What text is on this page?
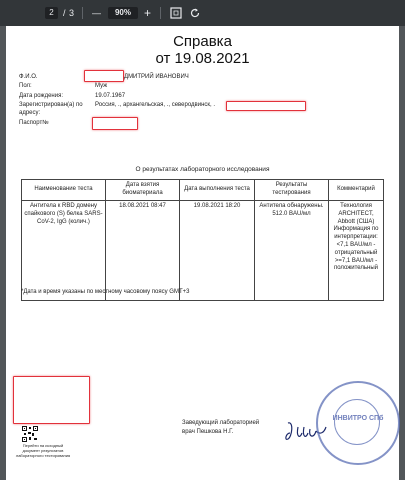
2	/ 3 —	90%	+
Справка
от 19.08.2021
Ф.И.О.	ДМИТРИЙ ИВАНОВИЧ
Пол:	Муж
Дата рождения:	19.07.1967
Зарегистрирован(а) по
адресу:
Россия, ., архангельская, ., северодвинск, .
Паспорт№
О результатах лабораторного исследования
Наименование теста	Дата взятия биоматериала	Дата выполнения теста	Результаты тестирования	Комментарий
Антитела к RBD домену спайкового (S) белка SARS-CoV-2, IgG (колич.)	18.08.2021 08:47	19.08.2021 18:20	Антитела обнаружены. 512.0 BAU/мл	Технология ARCHITECT, Abbott (США) Информация по интерпретации: <7,1 BAU/мл - отрицательный >=7,1 BAU/мл - положительный
*Дата и время указаны по местному часовому поясу GMT+3
Перейти на исходный
документ результатов
лабораторного тестирования
Заведующий лабораторией
врач Пешкова Н.Г.
ИНВИТРО СПб
